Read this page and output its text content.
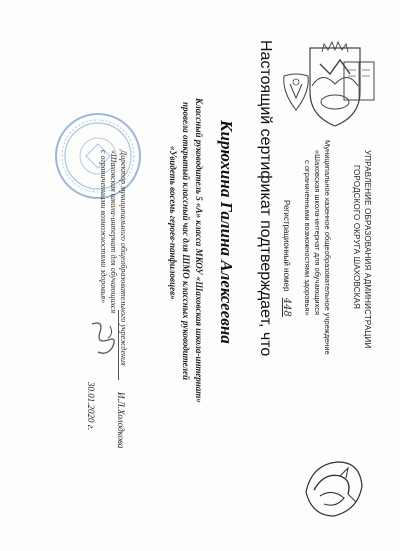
УПРАВЛЕНИЕ ОБРАЗОВАНИЯ АДМИНИСТРАЦИИ
ГОРОДСКОГО ОКРУГА ШАХОВСКАЯ
Муниципальное казенное общеобразовательное учреждение
«Шаховская школа-интернат для обучающихся
с ограниченными возможностями здоровья»
Регистрационный номер 448
Настоящий сертификат подтверждает, что
Кирюхина Галина Алексеевна
Классный руководитель 5 «А» класса МКОУ «Шаховская школа-интернат»
провела открытый классный час для ШМО классных руководителей
«Увидеть восемь героев-панфиловцев»
Директор муниципального общеобразовательного учреждения
«Шаховская школа-интернат для обучающихся
с ограниченными возможностями здоровья»
И.Л.Холодкова
30.01.2020 г.
